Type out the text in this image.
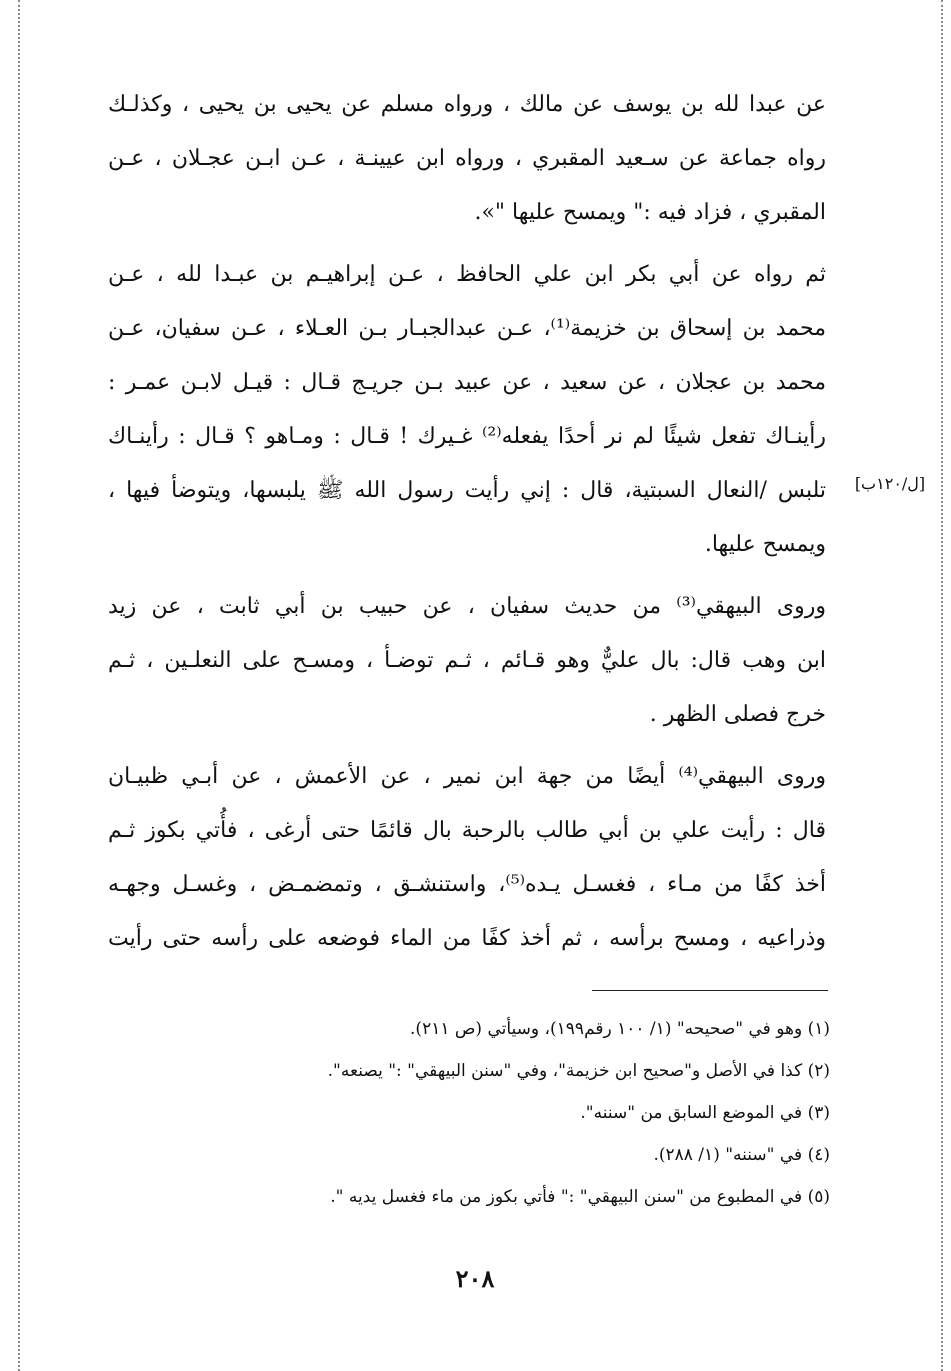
عن عبدا لله بن يوسف عن مالك ، ورواه مسلم عن يحيى بن يحيى ، وكذلـك
رواه جماعة عن سـعيد المقبري ، ورواه ابن عيينـة ، عـن ابـن عجـلان ، عـن
المقبري ، فزاد فيه :" ويمسح عليها "».
ثم رواه عن أبي بكر ابن علي الحافظ ، عـن إبراهيـم بن عبـدا لله ، عـن
محمد بن إسحاق بن خزيمة⁽¹⁾، عـن عبدالجبـار بـن العـلاء ، عـن سفيان، عـن
محمد بن عجلان ، عن سعيد ، عن عبيد بـن جريـج قـال : قيـل لابـن عمـر :
رأينـاك تفعل شيئًا لم نر أحدًا يفعله⁽²⁾ غـيرك ! قـال : ومـاهو ؟ قـال : رأينـاك
تلبس /النعال السبتية، قال : إني رأيت رسول الله ﷺ يلبسها، ويتوضأ فيها ،
ويمسح عليها.
وروى البيهقي⁽³⁾ من حديث سفيان ، عن حبيب بن أبي ثابت ، عن زيد
ابن وهب قال: بال عليٌّ وهو قـائم ، ثـم توضـأ ، ومسـح على النعلـين ، ثـم
خرج فصلى الظهر .
وروى البيهقي⁽⁴⁾ أيضًا من جهة ابن نمير ، عن الأعمش ، عن أبـي ظبيـان
قال : رأيت علي بن أبي طالب بالرحبة بال قائمًا حتى أرغى ، فأُتي بكوز ثـم
أخذ كفًا من مـاء ، فغسـل يـده⁽⁵⁾، واستنشـق ، وتمضمـض ، وغسـل وجهـه
وذراعيه ، ومسح برأسه ، ثم أخذ كفًا من الماء فوضعه على رأسه حتى رأيت
[ل/١٢٠ب]
(١) وهو في "صحيحه" (١/ ١٠٠ رقم١٩٩)، وسيأتي (ص ٢١١).
(٢) كذا في الأصل و"صحيح ابن خزيمة"، وفي "سنن البيهقي" :" يصنعه".
(٣) في الموضع السابق من "سننه".
(٤) في "سننه" (١/ ٢٨٨).
(٥) في المطبوع من "سنن البيهقي" :" فأتي بكوز من ماء فغسل يديه ".
٢٠٨
